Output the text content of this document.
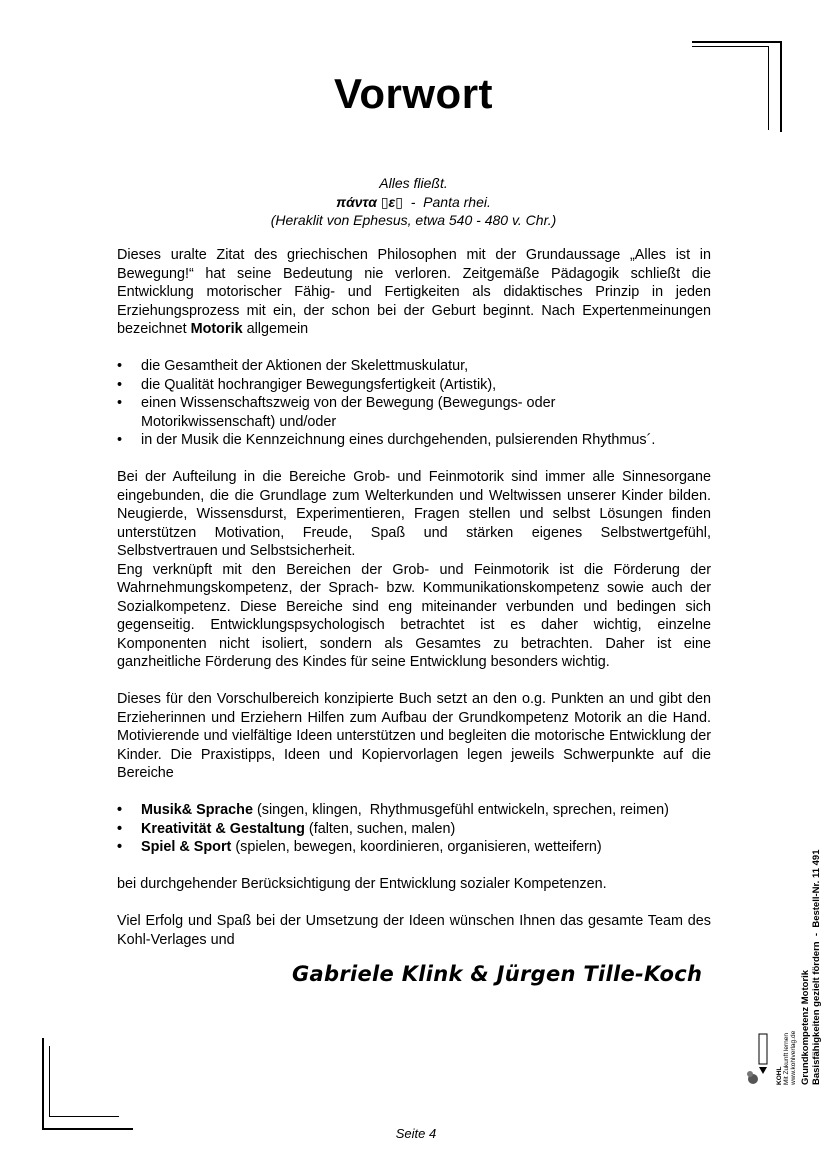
Vorwort
Alles fließt.
πάντα ▯ε▯  -  Panta rhei.
(Heraklit von Ephesus, etwa 540 - 480 v. Chr.)

Dieses uralte Zitat des griechischen Philosophen mit der Grundaussage „Alles ist in Bewegung!“ hat seine Bedeutung nie verloren. Zeitgemäße Pädagogik schließt die Entwicklung motorischer Fähig- und Fertigkeiten als didaktisches Prinzip in jeden Erziehungsprozess mit ein, der schon bei der Geburt beginnt. Nach Expertenmeinungen bezeichnet Motorik allgemein

• die Gesamtheit der Aktionen der Skelettmuskulatur,
• die Qualität hochrangiger Bewegungsfertigkeit (Artistik),
• einen Wissenschaftszweig von der Bewegung (Bewegungs- oder Motorikwissenschaft) und/oder
• in der Musik die Kennzeichnung eines durchgehenden, pulsierenden Rhythmus´.

Bei der Aufteilung in die Bereiche Grob- und Feinmotorik sind immer alle Sinnesorgane eingebunden, die die Grundlage zum Welterkunden und Weltwissen unserer Kinder bilden. Neugierde, Wissensdurst, Experimentieren, Fragen stellen und selbst Lösungen finden unterstützen Motivation, Freude, Spaß und stärken eigenes Selbstwertgefühl, Selbstvertrauen und Selbstsicherheit.

Eng verknüpft mit den Bereichen der Grob- und Feinmotorik ist die Förderung der Wahrnehmungskompetenz, der Sprach- bzw. Kommunikationskompetenz sowie auch der Sozialkompetenz. Diese Bereiche sind eng miteinander verbunden und bedingen sich gegenseitig. Entwicklungspsychologisch betrachtet ist es daher wichtig, einzelne Komponenten nicht isoliert, sondern als Gesamtes zu betrachten. Daher ist eine ganzheitliche Förderung des Kindes für seine Entwicklung besonders wichtig.

Dieses für den Vorschulbereich konzipierte Buch setzt an den o.g. Punkten an und gibt den Erzieherinnen und Erziehern Hilfen zum Aufbau der Grundkompetenz Motorik an die Hand. Motivierende und vielfältige Ideen unterstützen und begleiten die motorische Entwicklung der Kinder. Die Praxistipps, Ideen und Kopiervorlagen legen jeweils Schwerpunkte auf die Bereiche

• Musik& Sprache (singen, klingen,  Rhythmusgefühl entwickeln, sprechen, reimen)
• Kreativität & Gestaltung (falten, suchen, malen)
• Spiel & Sport (spielen, bewegen, koordinieren, organisieren, wetteifern)

bei durchgehender Berücksichtigung der Entwicklung sozialer Kompetenzen.

Viel Erfolg und Spaß bei der Umsetzung der Ideen wünschen Ihnen das gesamte Team des Kohl-Verlages und

Gabriele Klink & Jürgen Tille-Koch
Seite 4
Grundkompetenz Motorik Basisfähigkeiten gezielt fördern  -  Bestell-Nr. 11 491
KOHL Mit Zukunft lernen www.kohlverlag.de
